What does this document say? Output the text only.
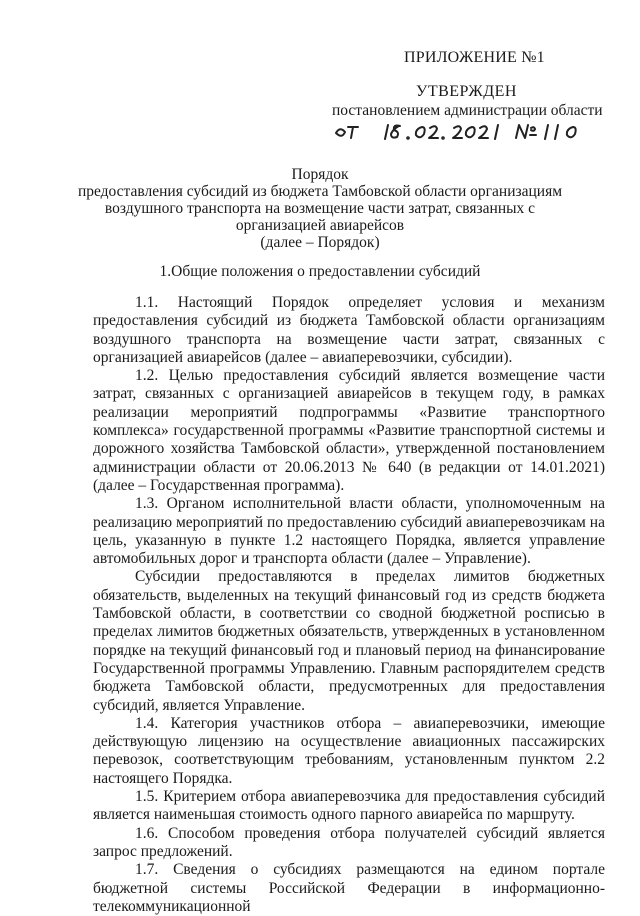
ПРИЛОЖЕНИЕ №1
УТВЕРЖДЕН
постановлением администрации области
Порядок
предоставления субсидий из бюджета Тамбовской области организациям
воздушного транспорта на возмещение части затрат, связанных с
организацией авиарейсов
(далее – Порядок)
1.Общие положения о предоставлении субсидий

1.1. Настоящий Порядок определяет условия и механизм предоставления субсидий из бюджета Тамбовской области организациям воздушного транспорта на возмещение части затрат, связанных с организацией авиарейсов (далее – авиаперевозчики, субсидии).

1.2. Целью предоставления субсидий является возмещение части затрат, связанных с организацией авиарейсов в текущем году, в рамках реализации мероприятий подпрограммы «Развитие транспортного комплекса» государственной программы «Развитие транспортной системы и дорожного хозяйства Тамбовской области», утвержденной постановлением администрации области от 20.06.2013 № 640 (в редакции от 14.01.2021) (далее – Государственная программа).

1.3. Органом исполнительной власти области, уполномоченным на реализацию мероприятий по предоставлению субсидий авиаперевозчикам на цель, указанную в пункте 1.2 настоящего Порядка, является управление автомобильных дорог и транспорта области (далее – Управление).

Субсидии предоставляются в пределах лимитов бюджетных обязательств, выделенных на текущий финансовый год из средств бюджета Тамбовской области, в соответствии со сводной бюджетной росписью в пределах лимитов бюджетных обязательств, утвержденных в установленном порядке на текущий финансовый год и плановый период на финансирование Государственной программы Управлению. Главным распорядителем средств бюджета Тамбовской области, предусмотренных для предоставления субсидий, является Управление.

1.4. Категория участников отбора – авиаперевозчики, имеющие действующую лицензию на осуществление авиационных пассажирских перевозок, соответствующим требованиям, установленным пунктом 2.2 настоящего Порядка.

1.5. Критерием отбора авиаперевозчика для предоставления субсидий является наименьшая стоимость одного парного авиарейса по маршруту.

1.6. Способом проведения отбора получателей субсидий является запрос предложений.

1.7. Сведения о субсидиях размещаются на едином портале бюджетной системы Российской Федерации в информационно-телекоммуникационной
